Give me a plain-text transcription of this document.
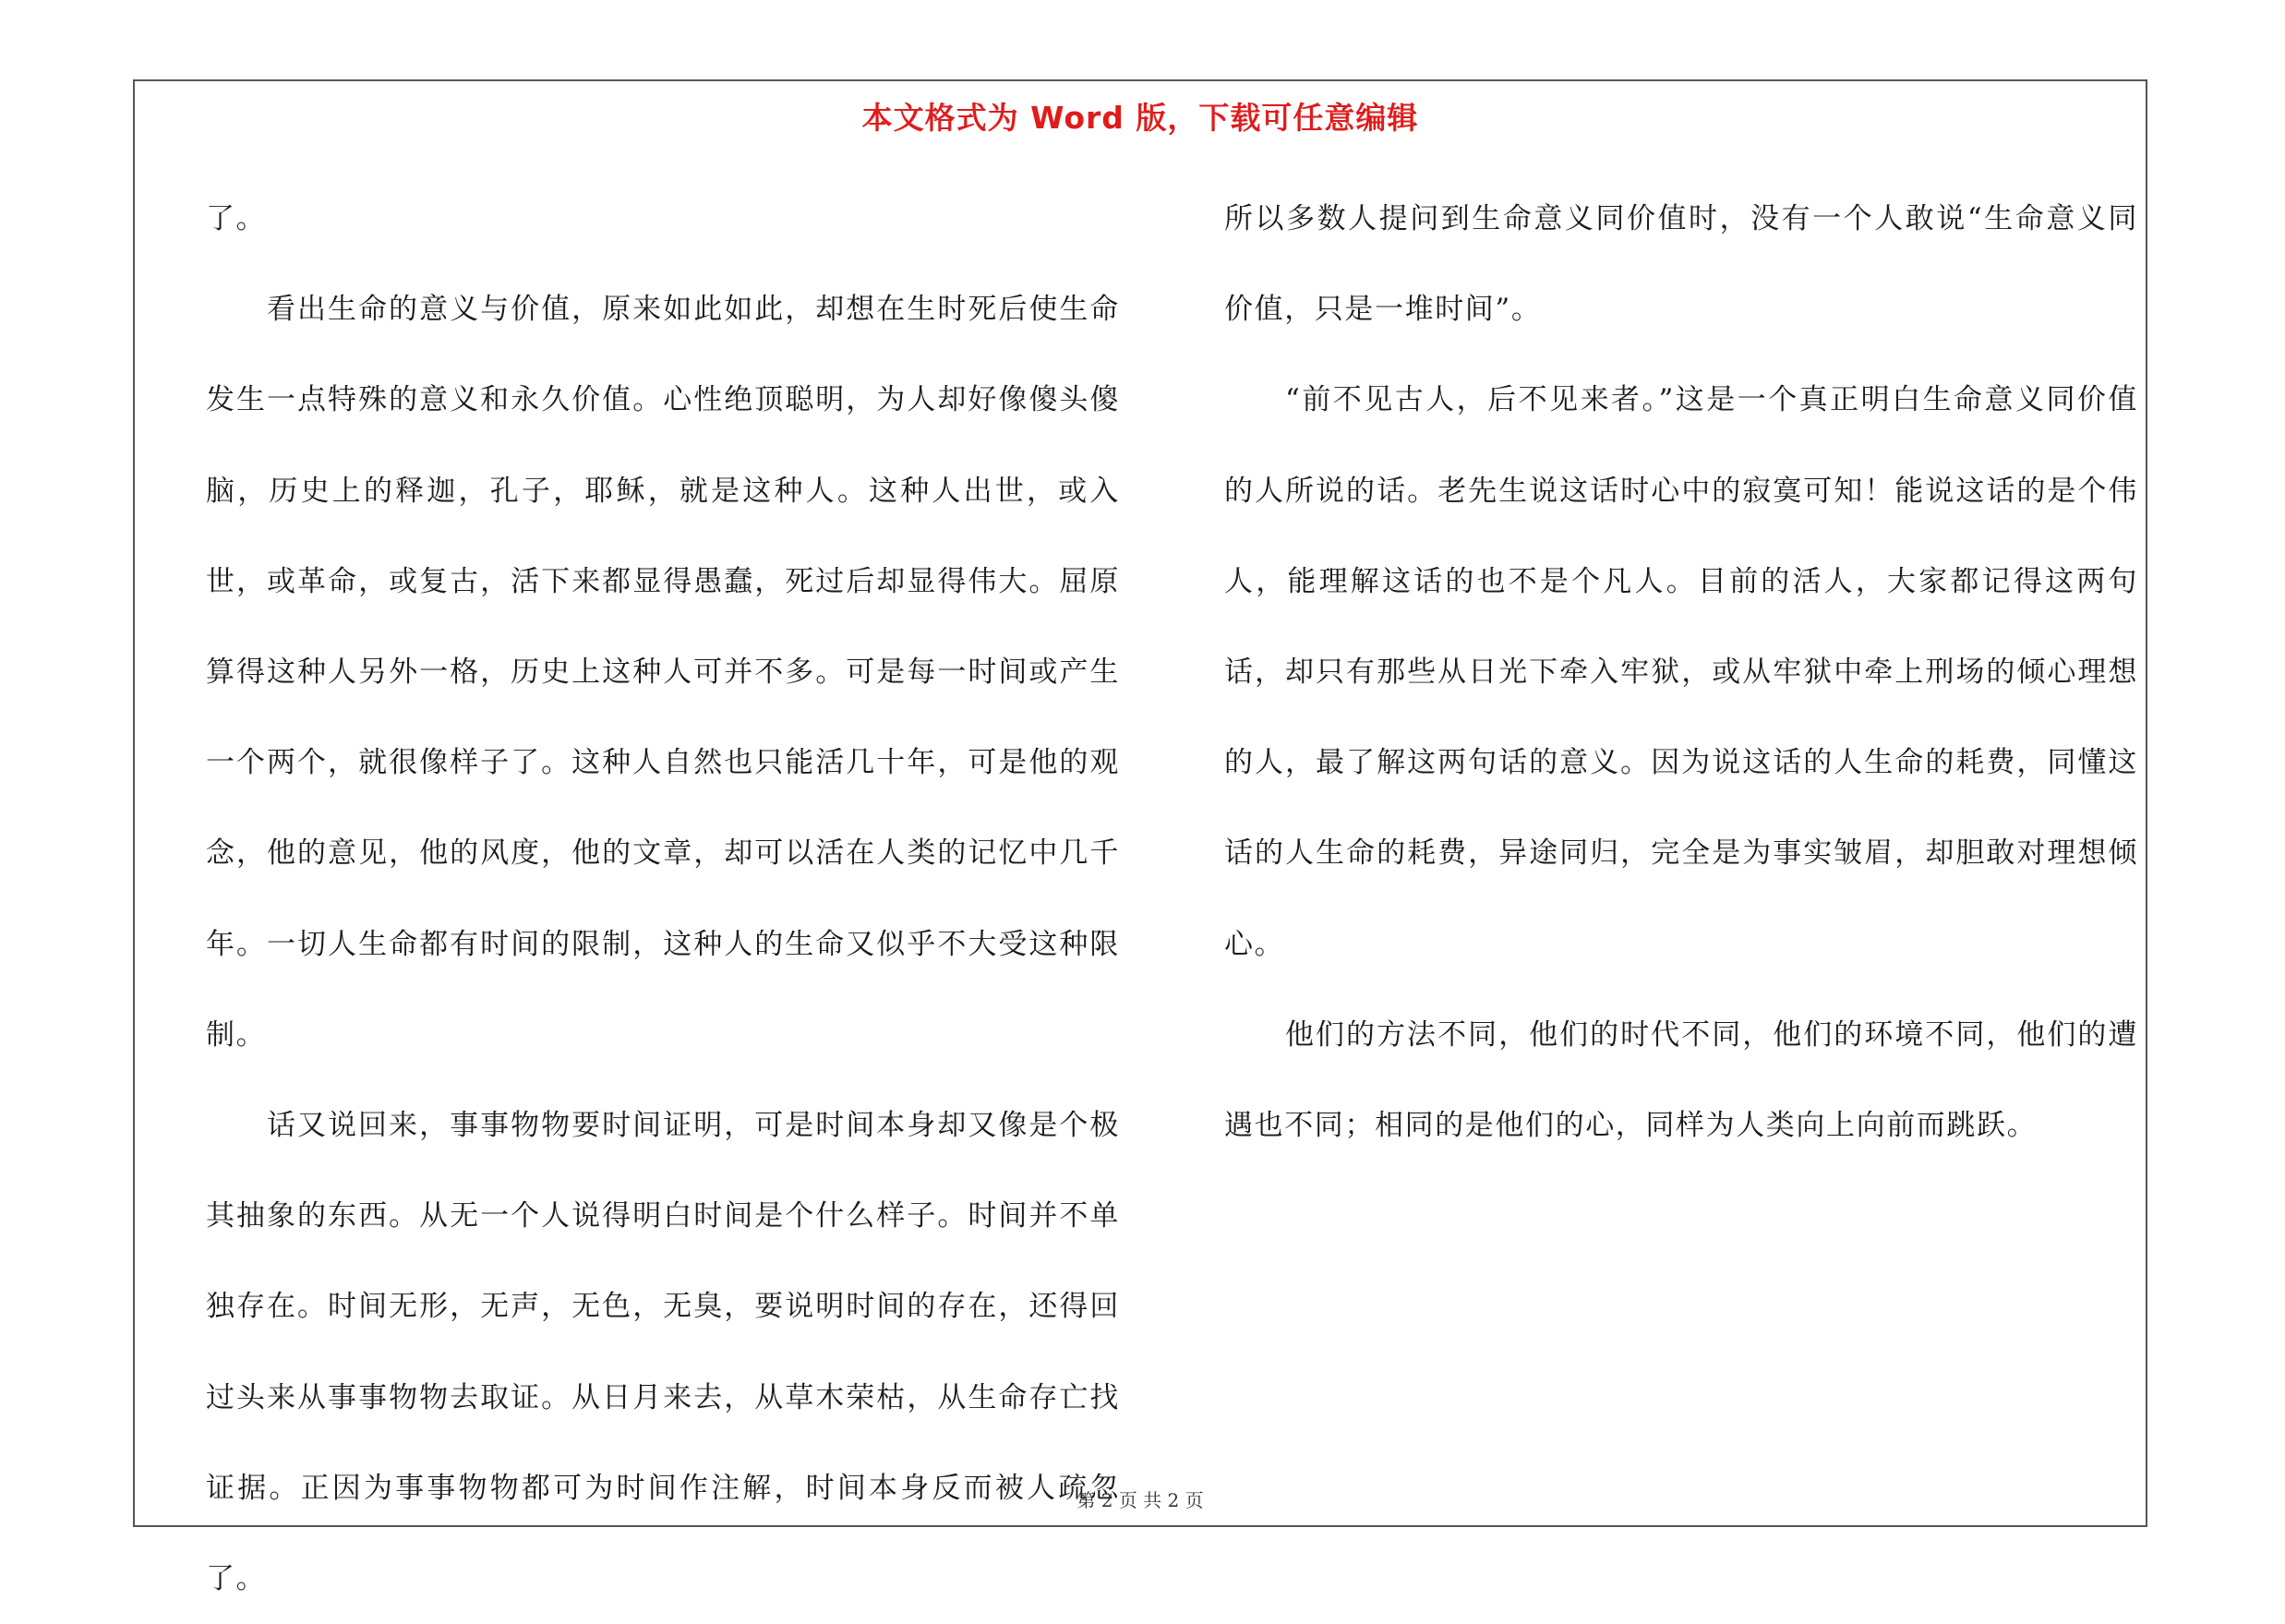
本文格式为 Word 版，下载可任意编辑

了。

看出生命的意义与价值，原来如此如此，却想在生时死后使生命发生一点特殊的意义和永久价值。心性绝顶聪明，为人却好像傻头傻脑，历史上的释迦，孔子，耶稣，就是这种人。这种人出世，或入世，或革命，或复古，活下来都显得愚蠢，死过后却显得伟大。屈原算得这种人另外一格，历史上这种人可并不多。可是每一时间或产生一个两个，就很像样子了。这种人自然也只能活几十年，可是他的观念，他的意见，他的风度，他的文章，却可以活在人类的记忆中几千年。一切人生命都有时间的限制，这种人的生命又似乎不大受这种限制。

话又说回来，事事物物要时间证明，可是时间本身却又像是个极其抽象的东西。从无一个人说得明白时间是个什么样子。时间并不单独存在。时间无形，无声，无色，无臭，要说明时间的存在，还得回过头来从事事物物去取证。从日月来去，从草木荣枯，从生命存亡找证据。正因为事事物物都可为时间作注解，时间本身反而被人疏忽了。

所以多数人提问到生命意义同价值时，没有一个人敢说“生命意义同价值，只是一堆时间”。

“前不见古人，后不见来者。”这是一个真正明白生命意义同价值的人所说的话。老先生说这话时心中的寂寞可知！能说这话的是个伟人，能理解这话的也不是个凡人。目前的活人，大家都记得这两句话，却只有那些从日光下牵入牢狱，或从牢狱中牵上刑场的倾心理想的人，最了解这两句话的意义。因为说这话的人生命的耗费，同懂这话的人生命的耗费，异途同归，完全是为事实皱眉，却胆敢对理想倾心。

他们的方法不同，他们的时代不同，他们的环境不同，他们的遭遇也不同；相同的是他们的心，同样为人类向上向前而跳跃。

第 2 页 共 2 页
